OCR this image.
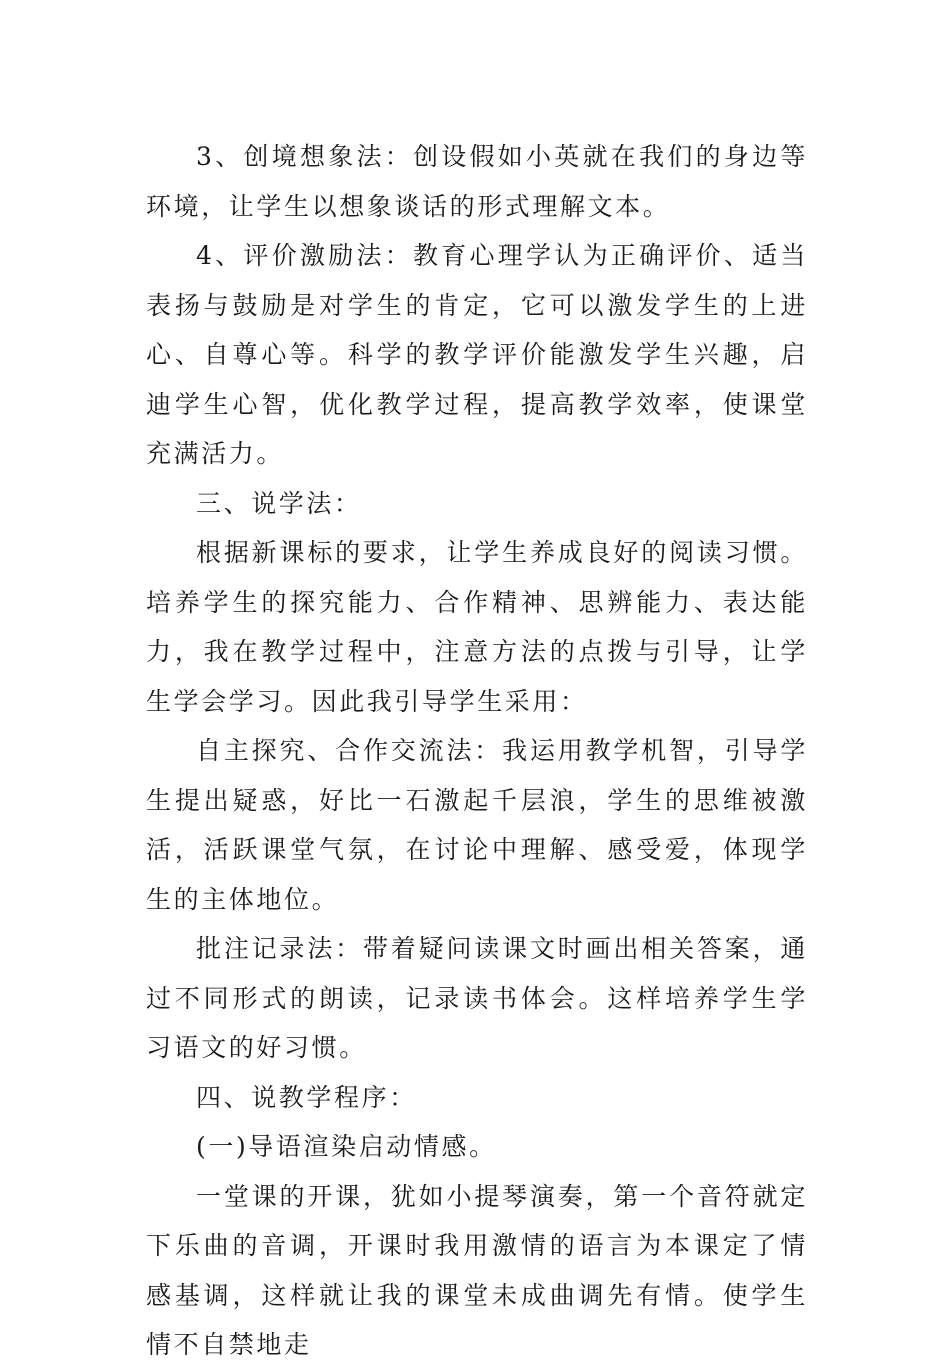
3、创境想象法：创设假如小英就在我们的身边等环境，让学生以想象谈话的形式理解文本。

4、评价激励法：教育心理学认为正确评价、适当表扬与鼓励是对学生的肯定，它可以激发学生的上进心、自尊心等。科学的教学评价能激发学生兴趣，启迪学生心智，优化教学过程，提高教学效率，使课堂充满活力。

三、说学法：

根据新课标的要求，让学生养成良好的阅读习惯。培养学生的探究能力、合作精神、思辨能力、表达能力，我在教学过程中，注意方法的点拨与引导，让学生学会学习。因此我引导学生采用：

自主探究、合作交流法：我运用教学机智，引导学生提出疑惑，好比一石激起千层浪，学生的思维被激活，活跃课堂气氛，在讨论中理解、感受爱，体现学生的主体地位。

批注记录法：带着疑问读课文时画出相关答案，通过不同形式的朗读，记录读书体会。这样培养学生学习语文的好习惯。

四、说教学程序：

(一)导语渲染启动情感。

一堂课的开课，犹如小提琴演奏，第一个音符就定下乐曲的音调，开课时我用激情的语言为本课定了情感基调，这样就让我的课堂未成曲调先有情。使学生情不自禁地走
